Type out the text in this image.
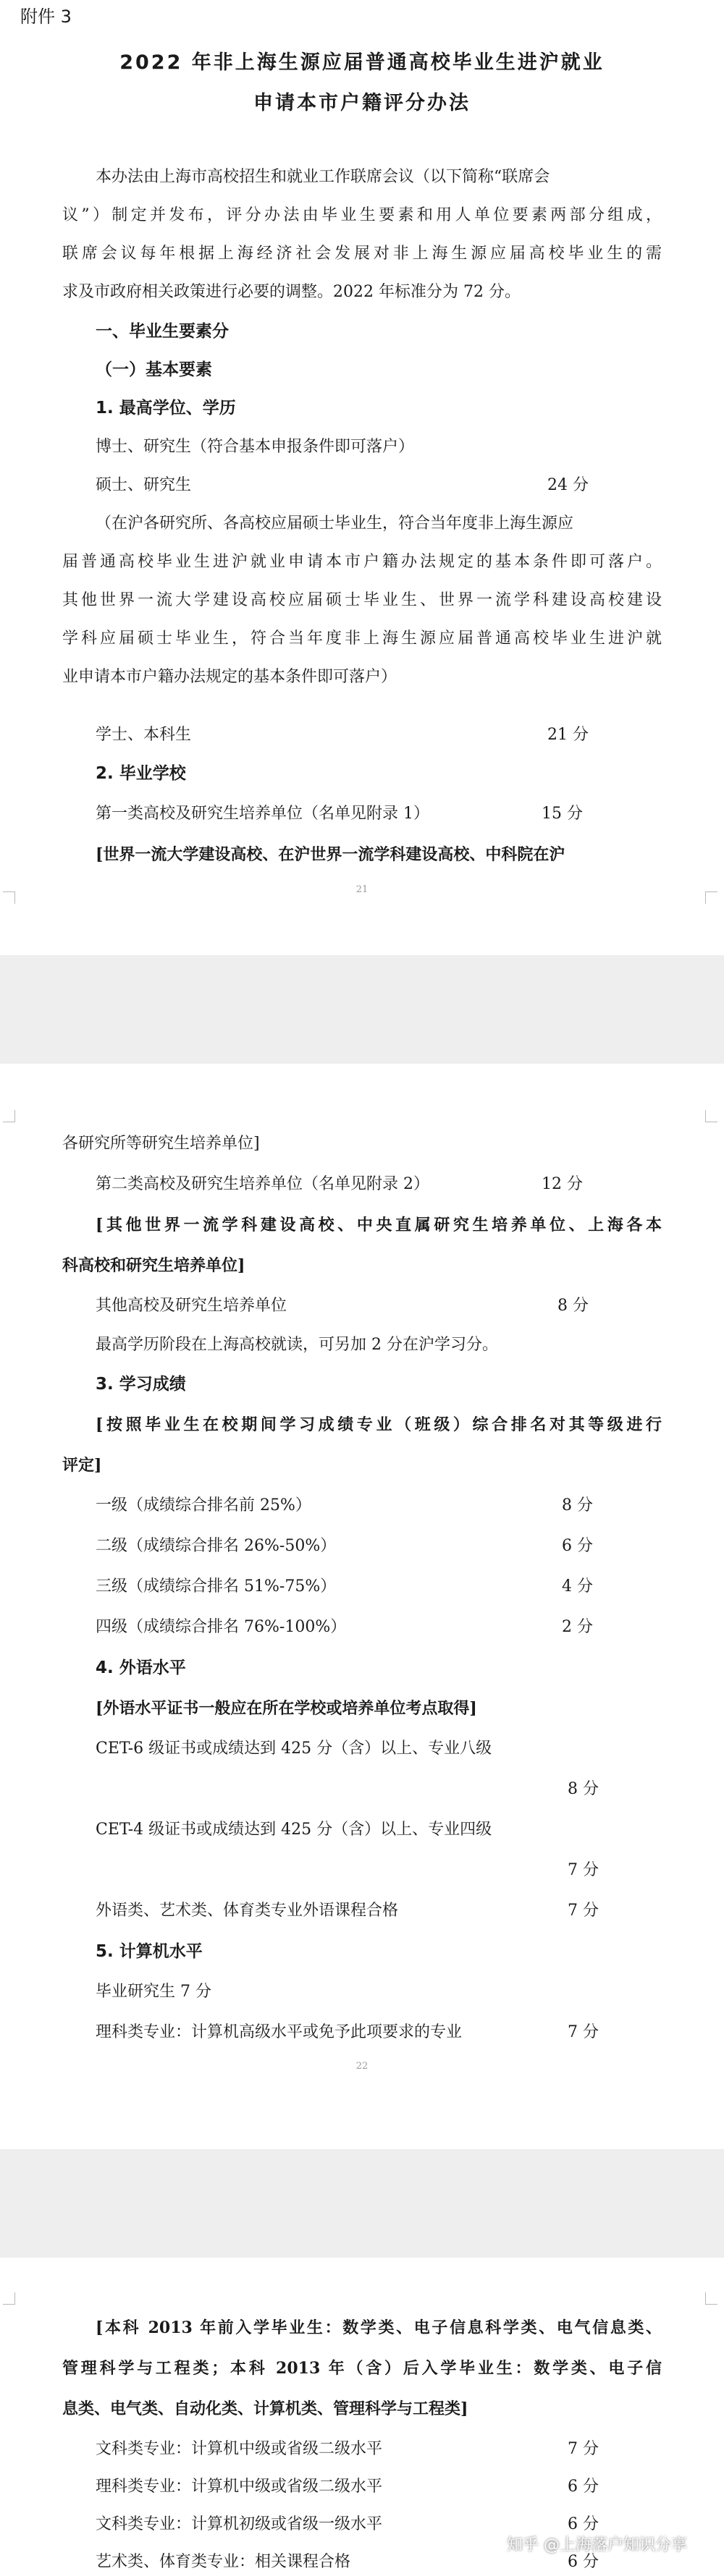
附件 3
2022 年非上海生源应届普通高校毕业生进沪就业
申请本市户籍评分办法
本办法由上海市高校招生和就业工作联席会议（以下简称“联席会
议”）制定并发布，评分办法由毕业生要素和用人单位要素两部分组成，
联席会议每年根据上海经济社会发展对非上海生源应届高校毕业生的需
求及市政府相关政策进行必要的调整。2022 年标准分为 72 分。
一、毕业生要素分
（一）基本要素
1. 最高学位、学历
博士、研究生（符合基本申报条件即可落户）
硕士、研究生	24 分
（在沪各研究所、各高校应届硕士毕业生，符合当年度非上海生源应
届普通高校毕业生进沪就业申请本市户籍办法规定的基本条件即可落户。
其他世界一流大学建设高校应届硕士毕业生、世界一流学科建设高校建设
学科应届硕士毕业生，符合当年度非上海生源应届普通高校毕业生进沪就
业申请本市户籍办法规定的基本条件即可落户）
学士、本科生	21 分
2. 毕业学校
第一类高校及研究生培养单位（名单见附录 1）	15 分
[世界一流大学建设高校、在沪世界一流学科建设高校、中科院在沪
21
各研究所等研究生培养单位]
第二类高校及研究生培养单位（名单见附录 2）	12 分
[其他世界一流学科建设高校、中央直属研究生培养单位、上海各本
科高校和研究生培养单位]
其他高校及研究生培养单位	8 分
最高学历阶段在上海高校就读，可另加 2 分在沪学习分。
3. 学习成绩
[按照毕业生在校期间学习成绩专业（班级）综合排名对其等级进行
评定]
一级（成绩综合排名前 25%）	8 分
二级（成绩综合排名 26%-50%）	6 分
三级（成绩综合排名 51%-75%）	4 分
四级（成绩综合排名 76%-100%）	2 分
4. 外语水平
[外语水平证书一般应在所在学校或培养单位考点取得]
CET-6 级证书或成绩达到 425 分（含）以上、专业八级
8 分
CET-4 级证书或成绩达到 425 分（含）以上、专业四级
7 分
外语类、艺术类、体育类专业外语课程合格	7 分
5. 计算机水平
毕业研究生 7 分
理科类专业：计算机高级水平或免予此项要求的专业	7 分
22
[本科 2013 年前入学毕业生：数学类、电子信息科学类、电气信息类、
管理科学与工程类；本科 2013 年（含）后入学毕业生：数学类、电子信
息类、电气类、自动化类、计算机类、管理科学与工程类]
文科类专业：计算机中级或省级二级水平	7 分
理科类专业：计算机中级或省级二级水平	6 分
文科类专业：计算机初级或省级一级水平	6 分
艺术类、体育类专业：相关课程合格	6 分
知乎 @上海落户知识分享
